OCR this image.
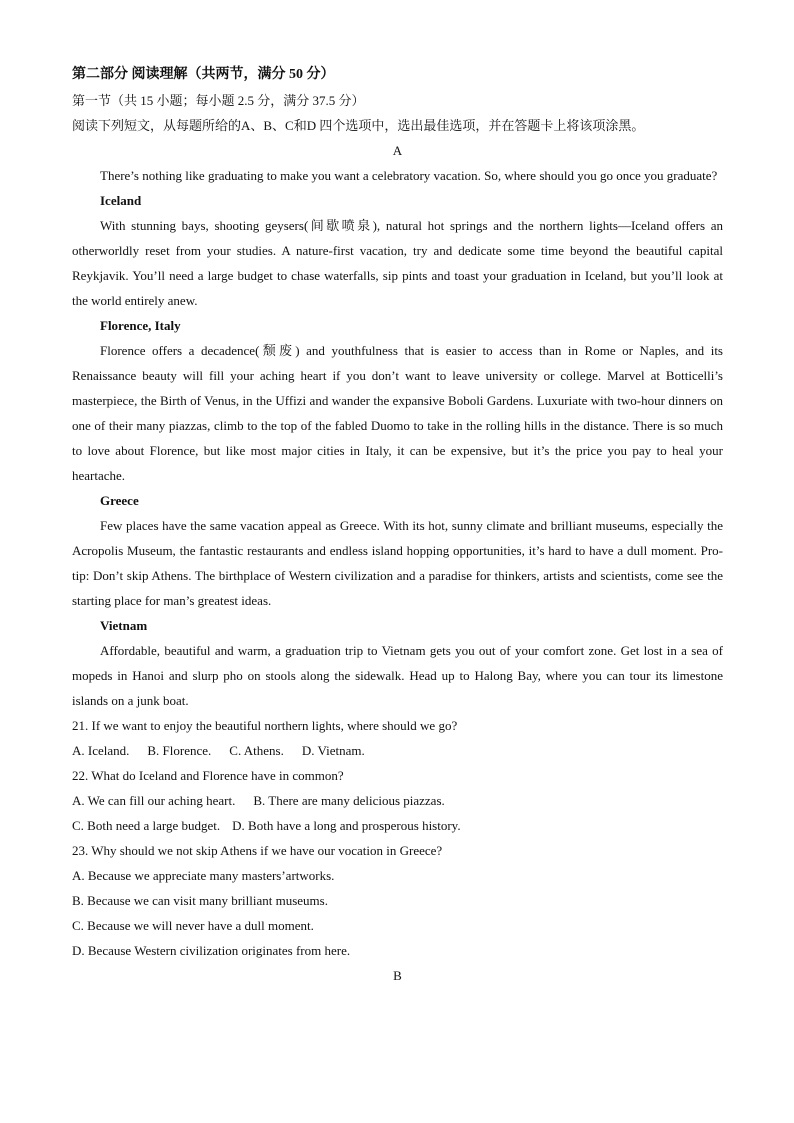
第二部分 阅读理解（共两节，满分 50 分）
第一节（共 15 小题；每小题 2.5 分，满分 37.5 分）
阅读下列短文，从每题所给的A、B、C和D 四个选项中，选出最佳选项，并在答题卡上将该项涂黑。
A
There’s nothing like graduating to make you want a celebratory vacation. So, where should you go once you graduate?
Iceland
With stunning bays, shooting geysers(间歇喷泉), natural hot springs and the northern lights—Iceland offers an otherworldly reset from your studies. A nature-first vacation, try and dedicate some time beyond the beautiful capital Reykjavik. You’ll need a large budget to chase waterfalls, sip pints and toast your graduation in Iceland, but you’ll look at the world entirely anew.
Florence, Italy
Florence offers a decadence(颓废) and youthfulness that is easier to access than in Rome or Naples, and its Renaissance beauty will fill your aching heart if you don’t want to leave university or college. Marvel at Botticelli’s masterpiece, the Birth of Venus, in the Uffizi and wander the expansive Boboli Gardens. Luxuriate with two-hour dinners on one of their many piazzas, climb to the top of the fabled Duomo to take in the rolling hills in the distance. There is so much to love about Florence, but like most major cities in Italy, it can be expensive, but it’s the price you pay to heal your heartache.
Greece
Few places have the same vacation appeal as Greece. With its hot, sunny climate and brilliant museums, especially the Acropolis Museum, the fantastic restaurants and endless island hopping opportunities, it’s hard to have a dull moment. Pro-tip: Don’t skip Athens. The birthplace of Western civilization and a paradise for thinkers, artists and scientists, come see the starting place for man’s greatest ideas.
Vietnam
Affordable, beautiful and warm, a graduation trip to Vietnam gets you out of your comfort zone. Get lost in a sea of mopeds in Hanoi and slurp pho on stools along the sidewalk. Head up to Halong Bay, where you can tour its limestone islands on a junk boat.
21. If we want to enjoy the beautiful northern lights, where should we go?
A. Iceland. B. Florence. C. Athens. D. Vietnam.
22. What do Iceland and Florence have in common?
A. We can fill our aching heart. B. There are many delicious piazzas.
C. Both need a large budget. D. Both have a long and prosperous history.
23. Why should we not skip Athens if we have our vocation in Greece?
A. Because we appreciate many masters’artworks.
B. Because we can visit many brilliant museums.
C. Because we will never have a dull moment.
D. Because Western civilization originates from here.
B
